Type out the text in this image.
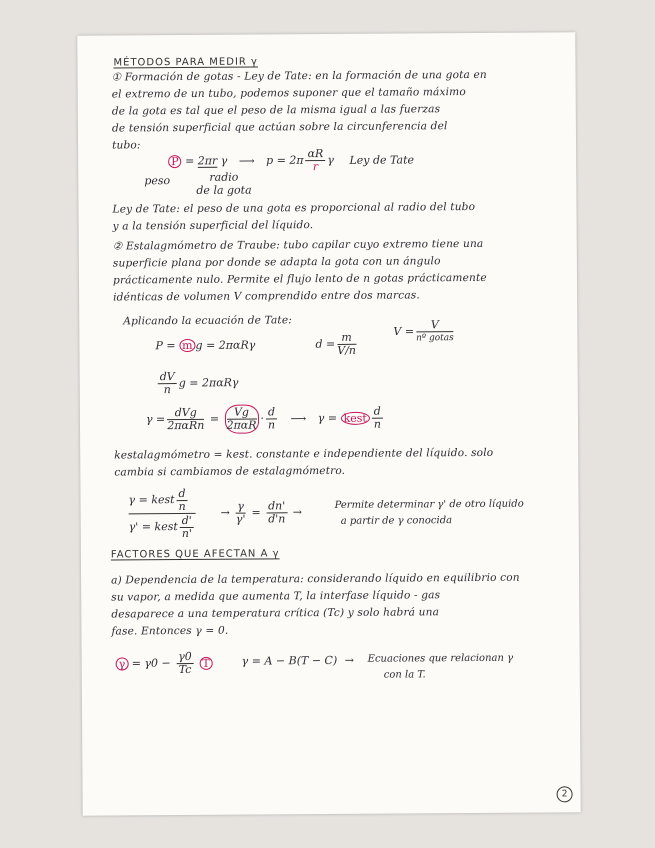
MÉTODOS PARA MEDIR γ
① Formación de gotas - Ley de Tate: en la formación de una gota en
el extremo de un tubo, podemos suponer que el tamaño máximo
de la gota es tal que el peso de la misma igual a las fuerzas
de tensión superficial que actúan sobre la circunferencia del
tubo:
P = 2πr γ ⟶ $p = 2\pi \frac{\alpha R}{r}$ γ Ley de Tate
peso	radio
de la gota
Ley de Tate: el peso de una gota es proporcional al radio del tubo
y a la tensión superficial del líquido.
② Estalagmómetro de Traube: tubo capilar cuyo extremo tiene una
superficie plana por donde se adapta la gota con un ángulo
prácticamente nulo. Permite el flujo lento de n gotas prácticamente
idénticas de volumen V comprendido entre dos marcas.
Aplicando la ecuación de Tate:
P = m g = 2παRγ	$d = \frac{m}{V/n}$
$V = \frac{V}{\text{nº gotas}}$
$\frac{dV}{n}$ g = 2παRγ
$\gamma = \frac{\text{dVg}}{\text{2παRn}} = \frac{Vg}{\text{2παR}} \cdot \frac{d}{n}$ ⟶ γ = kest $\frac{d}{n}$
kestalagmómetro = kest. constante e independiente del líquido. solo
cambia si cambiamos de estalagmómetro.
γ = kest $\frac{d}{n}$
γ' = kest $\frac{d'}{n'}$
→ $\frac{\gamma}{\gamma'} = \frac{dn'}{d'n}$ →
Permite determinar γ' de otro líquido
a partir de γ conocida
FACTORES QUE AFECTAN A γ
a) Dependencia de la temperatura: considerando líquido en equilibrio con
su vapor, a medida que aumenta T, la interfase líquido - gas
desaparece a una temperatura crítica (Tc) y solo habrá una
fase. Entonces γ = 0.
$\gamma = \gamma 0 - \frac{\gamma 0}{Tc}$ T	γ = A − B(T − C) →	Ecuaciones que relacionan γ
con la T.
2
